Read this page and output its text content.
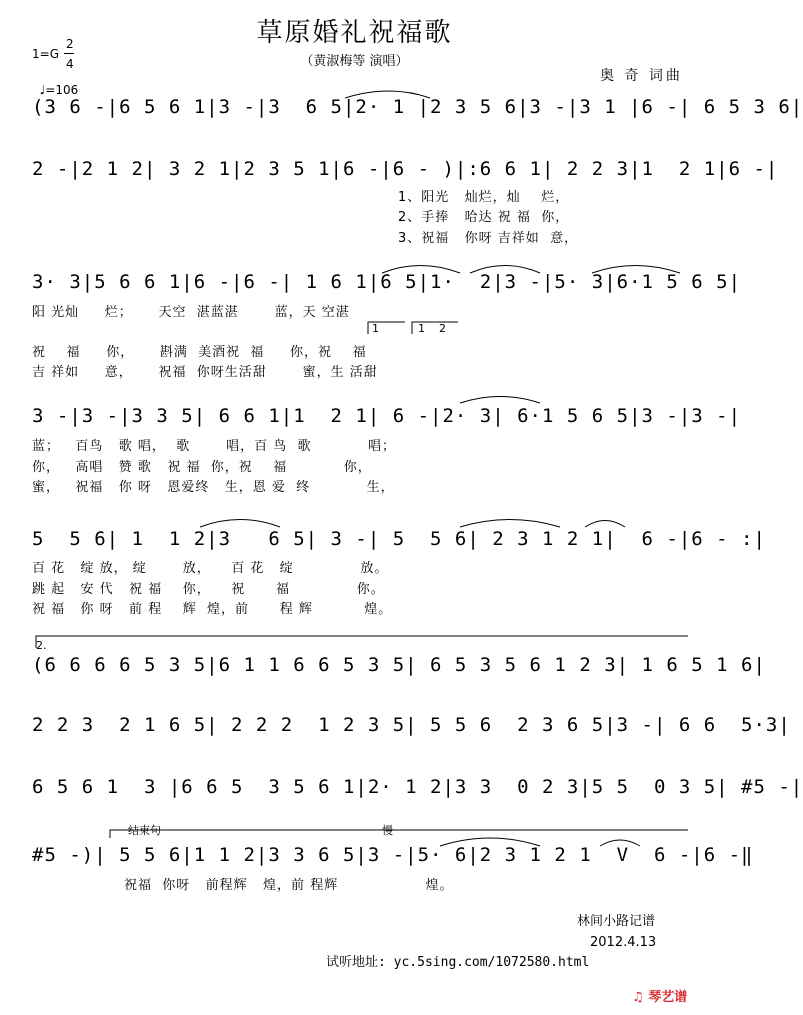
草原婚礼祝福歌
（黄淑梅等 演唱）
奥 奇 词曲
1=G
2
4

♩=106

(3 6 -|6 5 6 1|3 -|3  6 5|2· 1 |2 3 5 6|3 -|3 1 |6 -| 6 5 3 6|
2 -|2 1 2| 3 2 1|2 3 5 1|6 -|6 - )|:6 6 1| 2 2 3|1  2 1|6 -|
1、阳光   灿烂，灿    烂，
2、手捧   哈达 祝 福  你，
3、祝福   你呀 吉祥如  意，
3· 3|5 6 6 1|6 -|6 -| 1 6 1|6 5|1·  2|3 -|5· 3|6·1 5 6 5|
阳 光灿     烂；     天空  湛蓝湛       蓝，天 空湛
1	1    2
祝    福     你，     斟满  美酒祝  福     你，祝    福
吉 祥如     意，     祝福  你呀生活甜       蜜，生 活甜
3 -|3 -|3 3 5| 6 6 1|1  2 1| 6 -|2· 3| 6·1 5 6 5|3 -|3 -|
蓝；   百鸟   歌 唱，  歌       唱，百 鸟  歌           唱；
你，   高唱   赞 歌   祝 福  你，祝    福           你，
蜜，   祝福   你 呀   恩爱终   生，恩 爱  终           生，
5  5 6| 1  1 2|3   6 5| 3 -| 5  5 6| 2 3 1 2 1|  6 -|6 - :|
百 花   绽 放， 绽       放，    百 花   绽             放。
跳 起   安 代   祝 福    你，    祝      福             你。
祝 福   你 呀   前 程    辉  煌，前      程 辉          煌。
2.
(6 6 6 6 5 3 5|6 1 1 6 6 5 3 5| 6 5 3 5 6 1 2 3| 1 6 5 1 6|
2 2 3  2 1 6 5| 2 2 2  1 2 3 5| 5 5 6  2 3 6 5|3 -| 6 6  5·3|
6 5 6 1  3 |6 6 5  3 5 6 1|2· 1 2|3 3  0 2 3|5 5  0 3 5| #5 -|
结束句	慢
#5 -)| 5 5 6|1 1 2|3 3 6 5|3 -|5· 6|2 3 1 2 1  V  6 -|6 -‖
祝福  你呀   前程辉   煌，前 程辉                 煌。
林间小路记谱
2012.4.13
试听地址: yc.5sing.com/1072580.html
♫ 琴艺谱
